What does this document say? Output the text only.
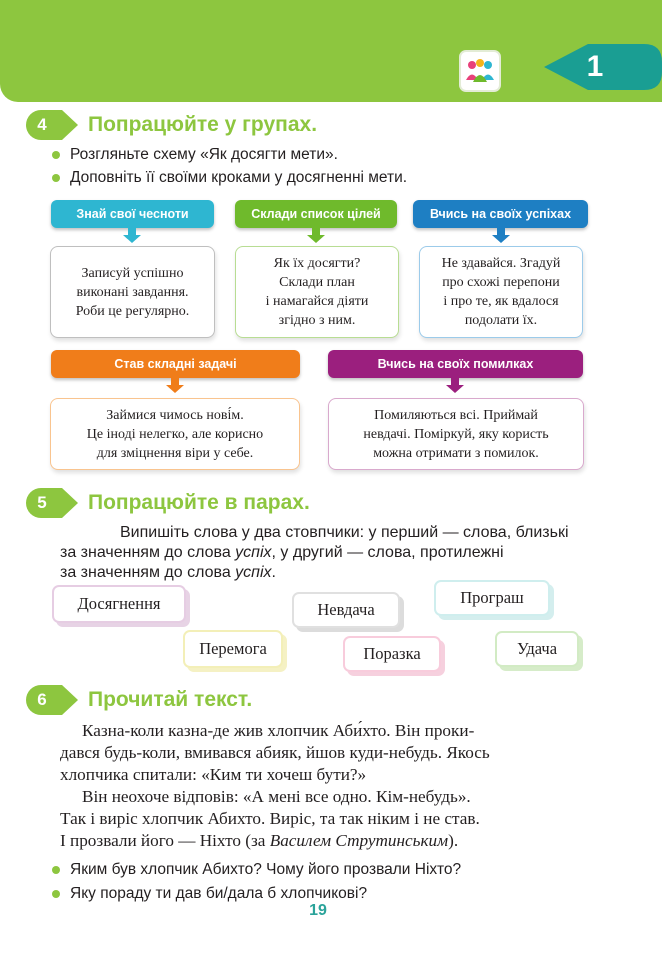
1
4	Попрацюйте у групах.
Розгляньте схему «Як досягти мети».
Доповніть її своїми кроками у досягненні мети.
Знай свої чесноти	Склади список цілей	Вчись на своїх успіхах
Записуй успішно
виконані завдання.
Роби це регулярно.
Як їх досягти?
Склади план
і намагайся діяти
згідно з ним.
Не здавайся. Згадуй
про схожі перепони
і про те, як вдалося
подолати їх.
Став складні задачі	Вчись на своїх помилках
Займися чимось нові́м.
Це іноді нелегко, але корисно
для зміцнення віри у себе.
Помиляються всі. Приймай
невдачі. Поміркуй, яку користь
можна отримати з помилок.
5	Попрацюйте в парах.
Випишіть слова у два стовпчики: у перший — слова, близькі
за значенням до слова успіх, у другий — слова, протилежні
за значенням до слова успіх.
Досягнення	Невдача
Програш
Перемога	Поразка	Удача
6	Прочитай текст.
Казна-коли казна-де жив хлопчик Аби́хто. Він проки-
дався будь-коли, вмивався абияк, йшов куди-небудь. Якось
хлопчика спитали: «Ким ти хочеш бути?»
Він неохоче відповів: «А мені все одно. Кім-небудь».
Так і виріс хлопчик Абихто. Виріс, та так ніким і не став.
І прозвали його — Ніхто (за Василем Струтинським).
Яким був хлопчик Абихто? Чому його прозвали Ніхто?
Яку пораду ти дав би/дала б хлопчикові?
19
